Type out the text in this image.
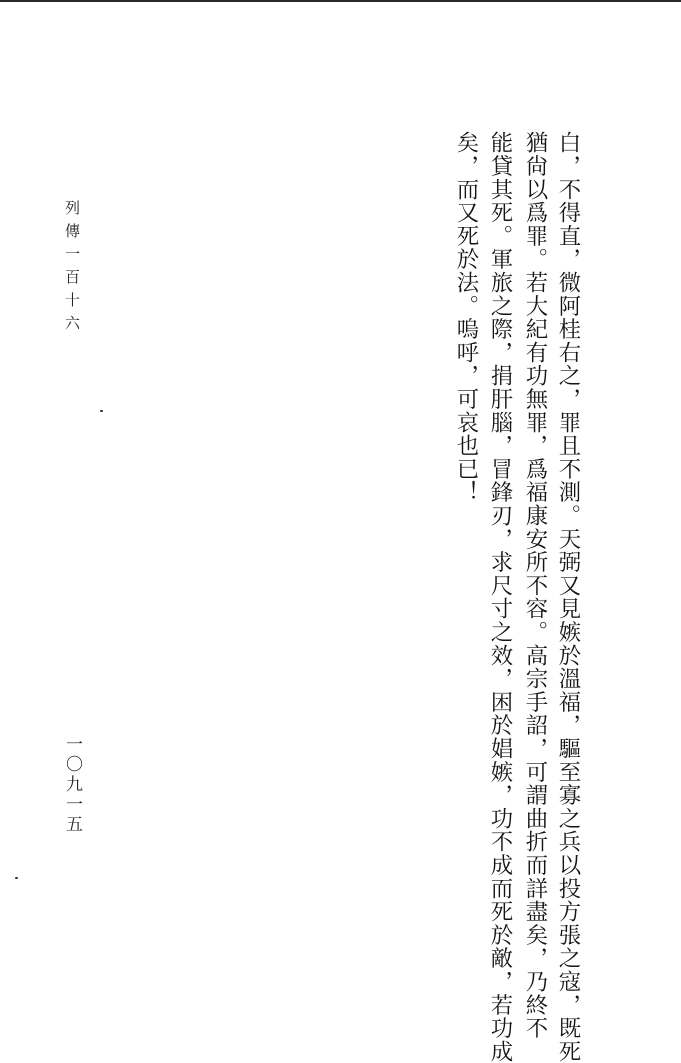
列傳一百十六
一〇九一五	白，不得直，微阿桂右之，罪且不測。天弼又見嫉於溫福，驅至寡之兵以投方張之寇，既死
猶尙以爲罪。若大紀有功無罪，爲福康安所不容。高宗手詔，可謂曲折而詳盡矣，乃終不
能貸其死。軍旅之際，捐肝腦，冒鋒刃，求尺寸之效，困於娼嫉，功不成而死於敵，若功成
矣，而又死於法。嗚呼，可哀也已！
